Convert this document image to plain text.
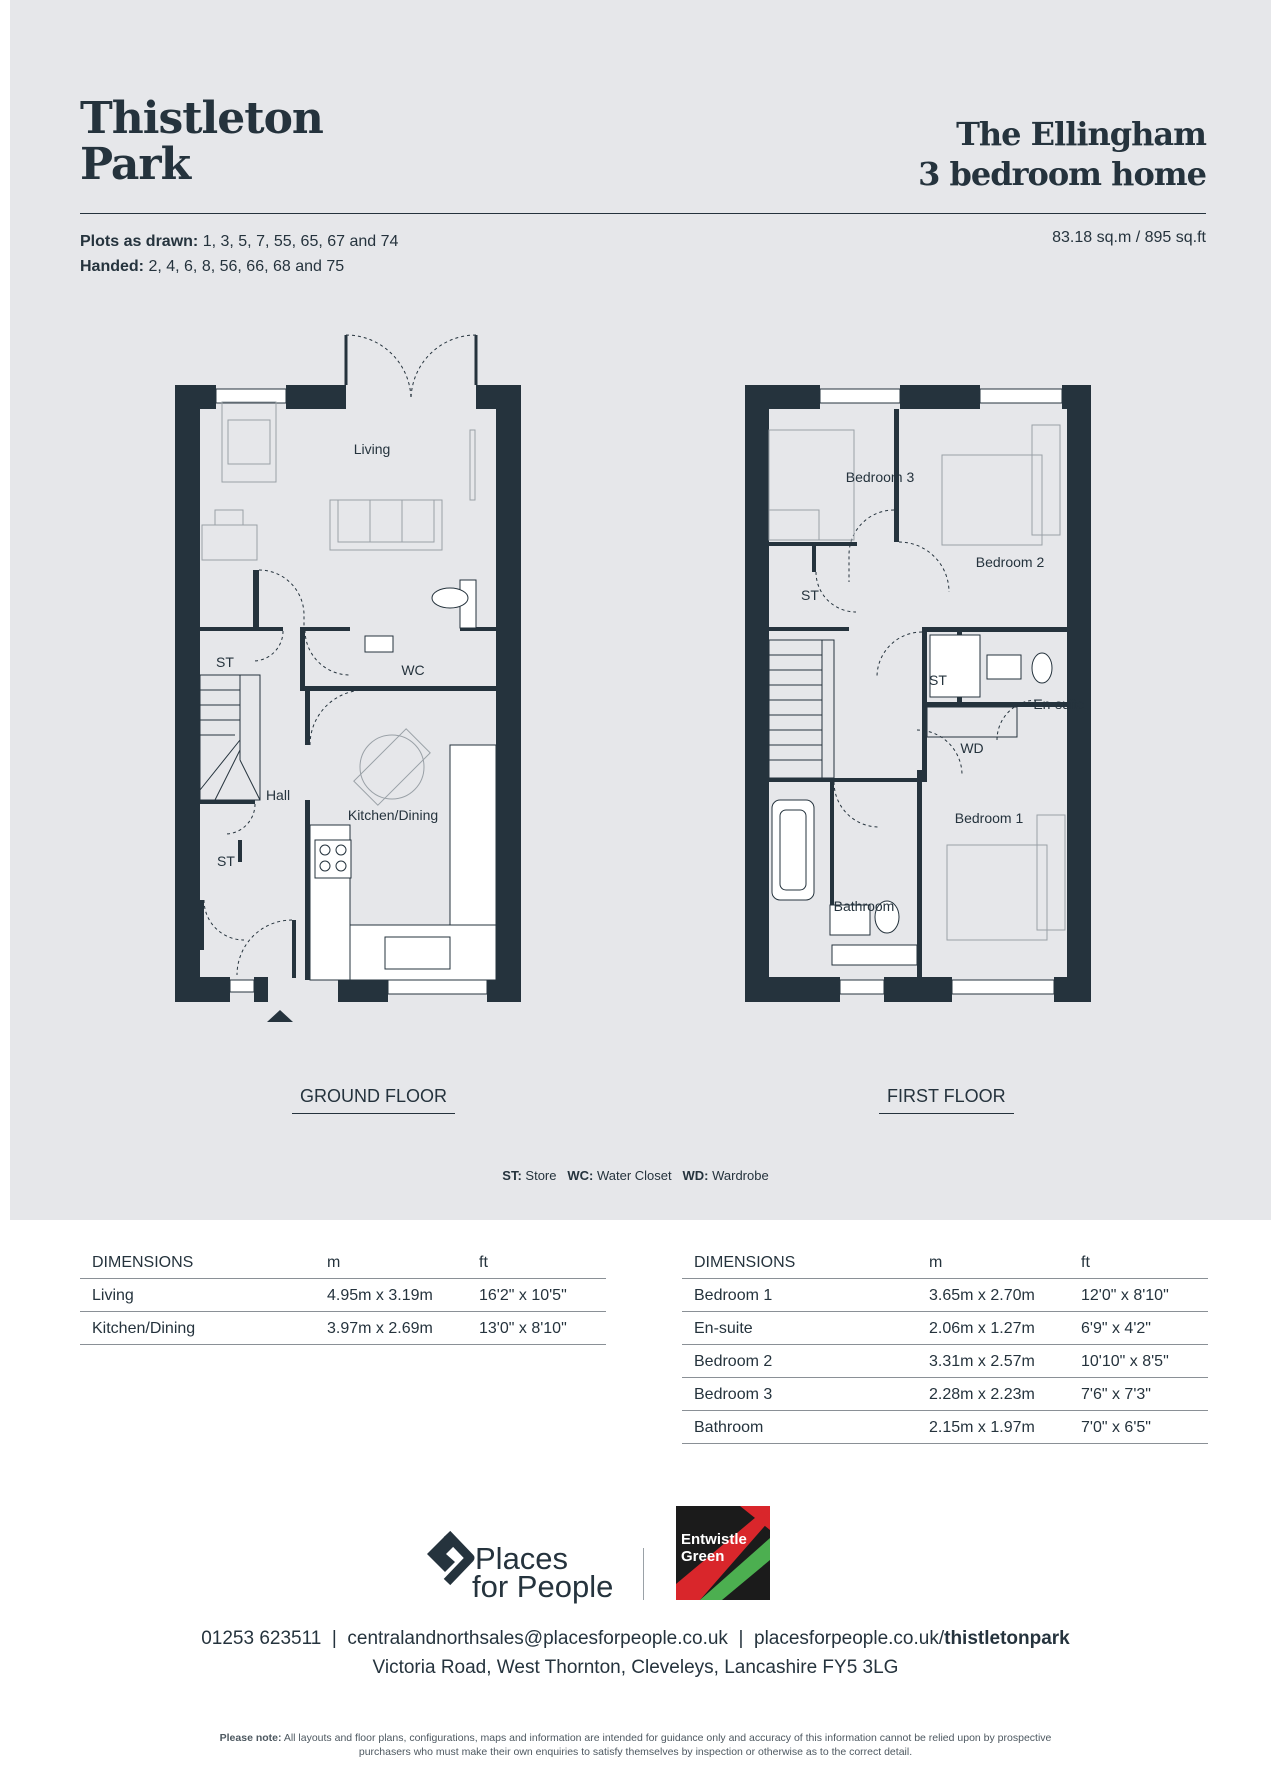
Thistleton
Park
The Ellingham
3 bedroom home
Plots as drawn: 1, 3, 5, 7, 55, 65, 67 and 74
Handed: 2, 4, 6, 8, 56, 66, 68 and 75
83.18 sq.m / 895 sq.ft
Living
ST	WC
Hall
Kitchen/Dining
ST
GROUND FLOOR
Bedroom 3
Bedroom 2
ST
ST
En-suite
WD
Bedroom 1
Bathroom
FIRST FLOOR
ST: Store WC: Water Closet WD: Wardrobe
DIMENSIONS	m	ft
Living	4.95m x 3.19m	16'2" x 10'5"
Kitchen/Dining	3.97m x 2.69m	13'0" x 8'10"
DIMENSIONS	m	ft
Bedroom 1	3.65m x 2.70m	12'0" x 8'10"
En-suite	2.06m x 1.27m	6'9" x 4'2"
Bedroom 2	3.31m x 2.57m	10'10" x 8'5"
Bedroom 3	2.28m x 2.23m	7'6" x 7'3"
Bathroom	2.15m x 1.97m	7'0" x 6'5"
Places
for People
Entwistle
Green
01253 623511  |  centralandnorthsales@placesforpeople.co.uk  |  placesforpeople.co.uk/thistletonpark
Victoria Road, West Thornton, Cleveleys, Lancashire FY5 3LG
Please note: All layouts and floor plans, configurations, maps and information are intended for guidance only and accuracy of this information cannot be relied upon by prospective purchasers who must make their own enquiries to satisfy themselves by inspection or otherwise as to the correct detail.
